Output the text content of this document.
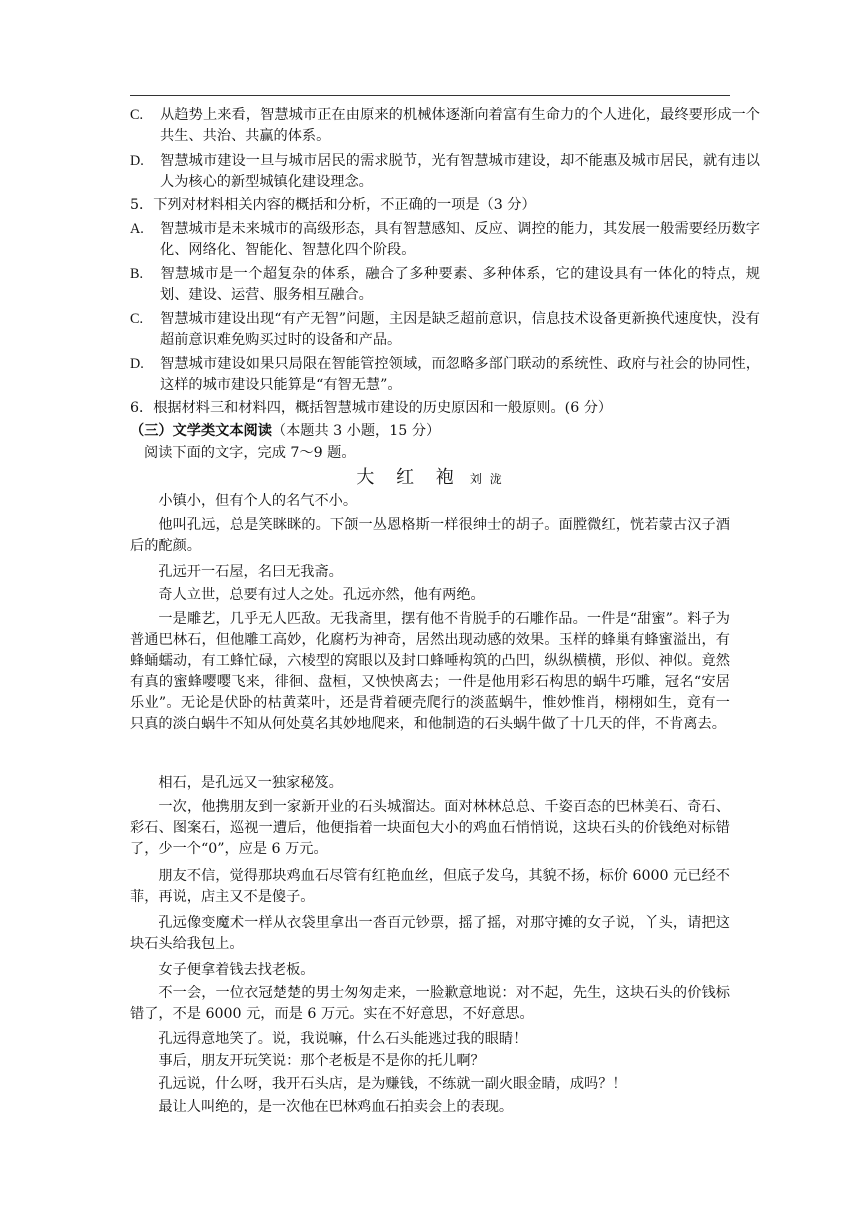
C. 从趋势上来看，智慧城市正在由原来的机械体逐渐向着富有生命力的个人进化，最终要形成一个共生、共治、共赢的体系。
D. 智慧城市建设一旦与城市居民的需求脱节，光有智慧城市建设，却不能惠及城市居民，就有违以人为核心的新型城镇化建设理念。
5．下列对材料相关内容的概括和分析，不正确的一项是（3 分）
A. 智慧城市是未来城市的高级形态，具有智慧感知、反应、调控的能力，其发展一般需要经历数字化、网络化、智能化、智慧化四个阶段。
B. 智慧城市是一个超复杂的体系，融合了多种要素、多种体系，它的建设具有一体化的特点，规划、建设、运营、服务相互融合。
C. 智慧城市建设出现“有产无智”问题，主因是缺乏超前意识，信息技术设备更新换代速度快，没有超前意识难免购买过时的设备和产品。
D. 智慧城市建设如果只局限在智能管控领域，而忽略多部门联动的系统性、政府与社会的协同性，这样的城市建设只能算是“有智无慧”。
6．根据材料三和材料四，概括智慧城市建设的历史原因和一般原则。(6 分）
（三）文学类文本阅读（本题共 3 小题，15 分）
阅读下面的文字，完成 7～9 题。
大 红 袍 刘 泷
小镇小，但有个人的名气不小。
他叫孔远，总是笑眯眯的。下颌一丛恩格斯一样很绅士的胡子。面膛微红，恍若蒙古汉子酒后的酡颜。
孔远开一石屋，名曰无我斋。
奇人立世，总要有过人之处。孔远亦然，他有两绝。
一是雕艺，几乎无人匹敌。无我斋里，摆有他不肯脱手的石雕作品。一件是“甜蜜”。料子为普通巴林石，但他雕工高妙，化腐朽为神奇，居然出现动感的效果。玉样的蜂巢有蜂蜜溢出，有蜂蛹蠕动，有工蜂忙碌，六棱型的窝眼以及封口蜂唾构筑的凸凹，纵纵横横，形似、神似。竟然有真的蜜蜂嘤嘤飞来，徘徊、盘桓，又怏怏离去；一件是他用彩石构思的蜗牛巧雕，冠名“安居乐业”。无论是伏卧的枯黄菜叶，还是背着硬壳爬行的淡蓝蜗牛，惟妙惟肖，栩栩如生，竟有一只真的淡白蜗牛不知从何处莫名其妙地爬来，和他制造的石头蜗牛做了十几天的伴，不肯离去。
相石，是孔远又一独家秘笈。
一次，他携朋友到一家新开业的石头城溜达。面对林林总总、千姿百态的巴林美石、奇石、彩石、图案石，巡视一遭后，他便指着一块面包大小的鸡血石悄悄说，这块石头的价钱绝对标错了，少一个“0”，应是 6 万元。
朋友不信，觉得那块鸡血石尽管有红艳血丝，但底子发乌，其貌不扬，标价 6000 元已经不菲，再说，店主又不是傻子。
孔远像变魔术一样从衣袋里拿出一沓百元钞票，摇了摇，对那守摊的女子说，丫头，请把这块石头给我包上。
女子便拿着钱去找老板。
不一会，一位衣冠楚楚的男士匆匆走来，一脸歉意地说：对不起，先生，这块石头的价钱标错了，不是 6000 元，而是 6 万元。实在不好意思，不好意思。
孔远得意地笑了。说，我说嘛，什么石头能逃过我的眼睛！
事后，朋友开玩笑说：那个老板是不是你的托儿啊？
孔远说，什么呀，我开石头店，是为赚钱，不练就一副火眼金睛，成吗？！
最让人叫绝的，是一次他在巴林鸡血石拍卖会上的表现。
